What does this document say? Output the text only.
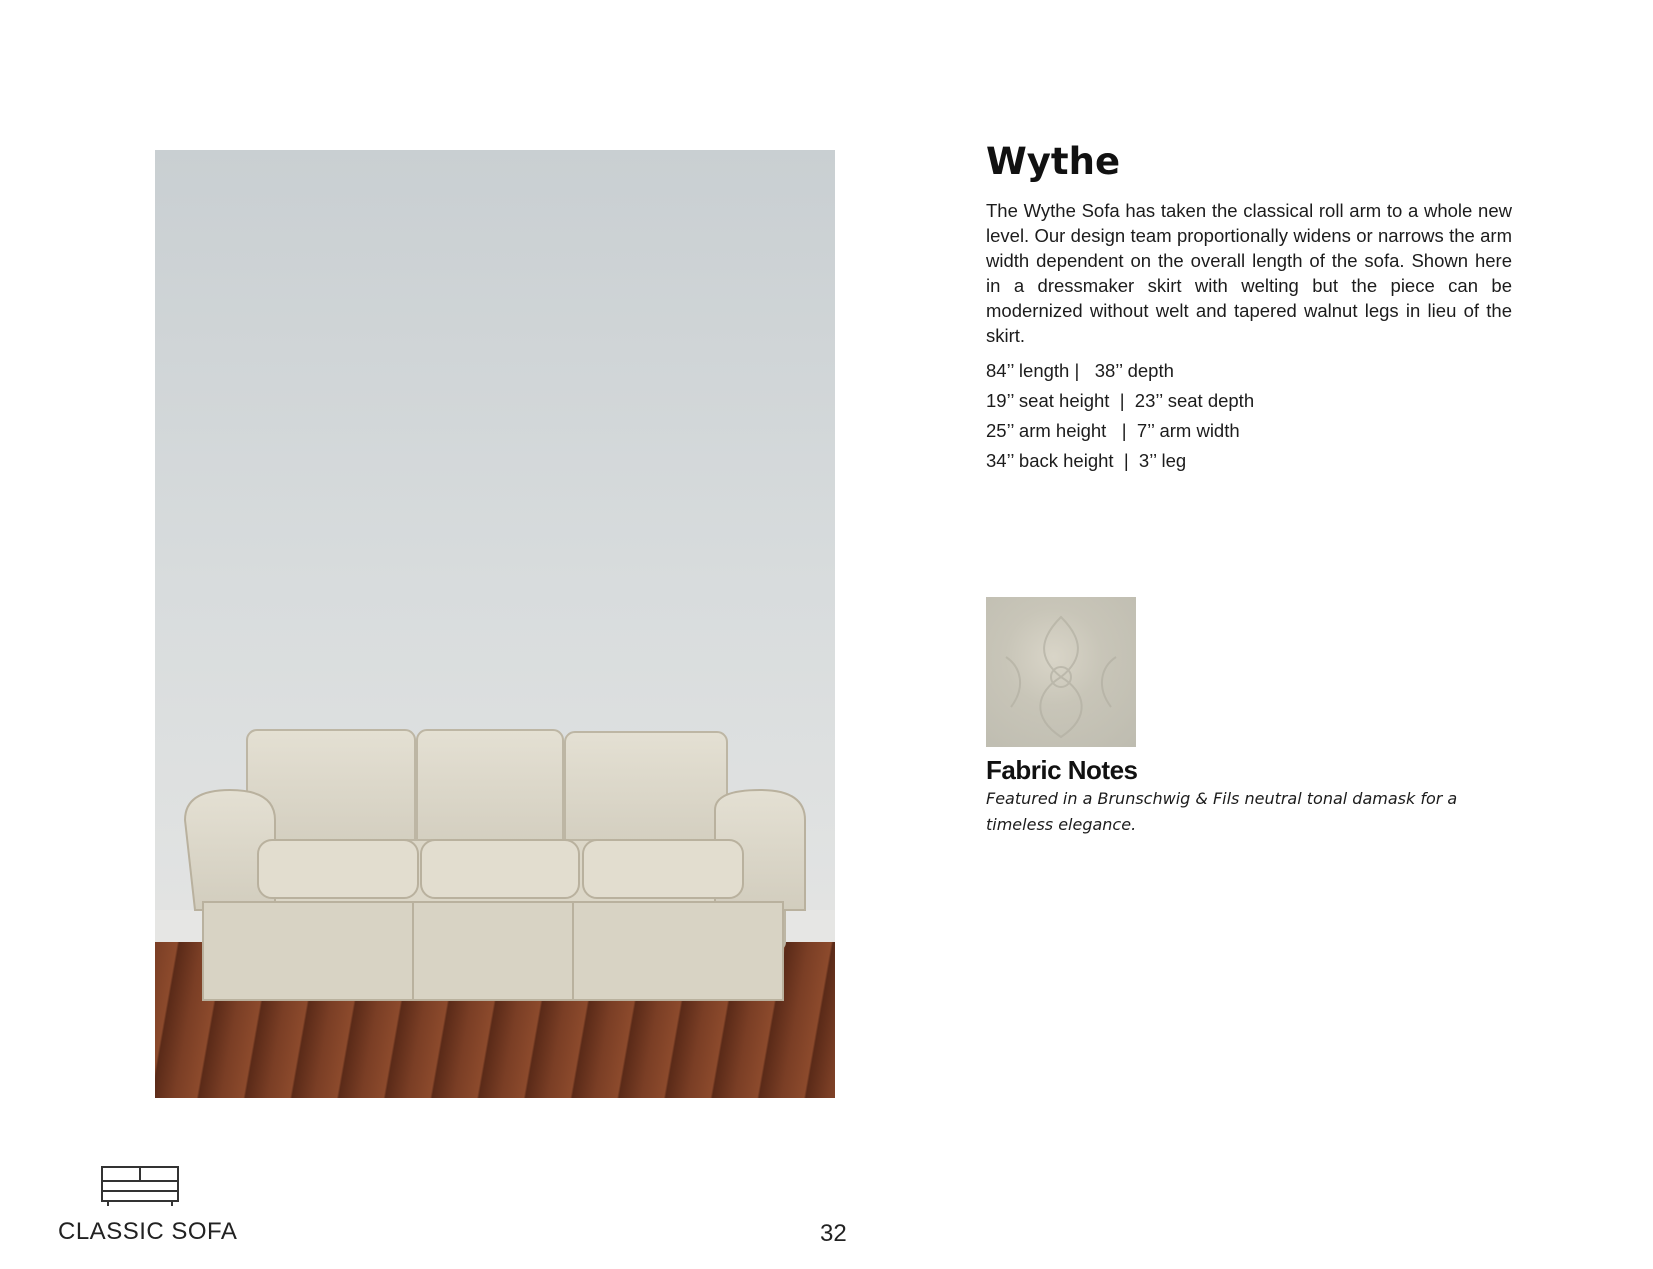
Wythe

The Wythe Sofa has taken the classical roll arm to a whole new level. Our design team proportionally widens or narrows the arm width dependent on the overall length of the sofa. Shown here in a dressmaker skirt with welting but the piece can be modernized without welt and tapered walnut legs in lieu of the skirt.

84’’ length |   38’’ depth
19’’ seat height  |  23’’ seat depth
25’’ arm height   |  7’’ arm width
34’’ back height  |  3’’ leg
Fabric Notes

Featured in a Brunschwig & Fils neutral tonal damask for a timeless elegance.

CLASSIC SOFA	32
